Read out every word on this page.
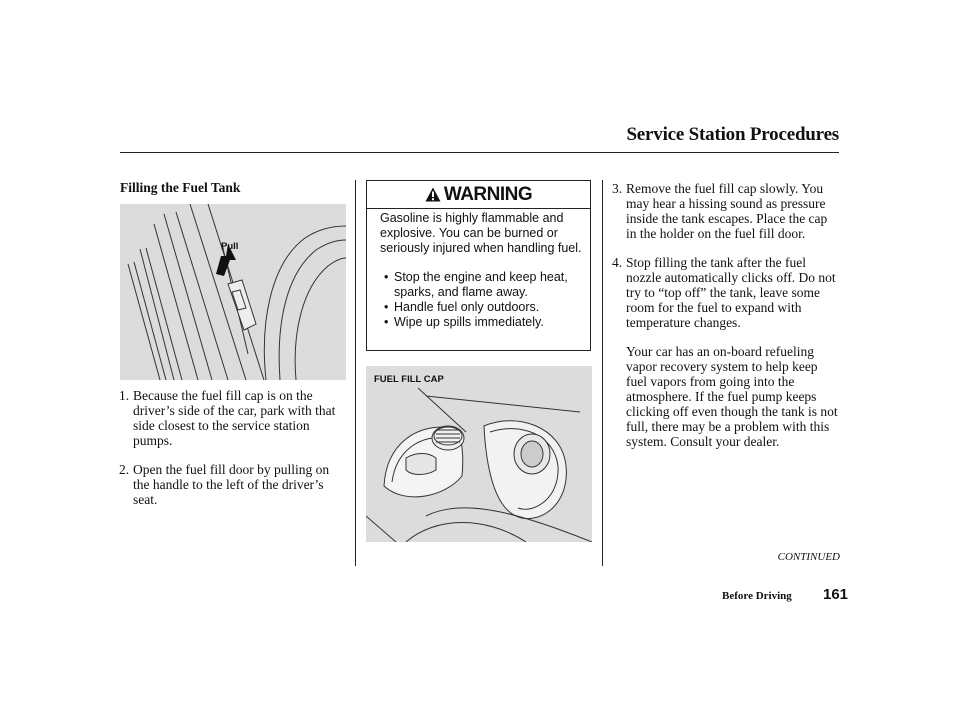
Service Station Procedures
Filling the Fuel Tank
Pull
1. Because the fuel fill cap is on the driver’s side of the car, park with that side closest to the service station pumps.
2. Open the fuel fill door by pulling on the handle to the left of the driver’s seat.
WARNING
Gasoline is highly flammable and explosive. You can be burned or seriously injured when handling fuel.
• Stop the engine and keep heat, sparks, and flame away.
• Handle fuel only outdoors.
• Wipe up spills immediately.
FUEL FILL CAP
3. Remove the fuel fill cap slowly. You may hear a hissing sound as pressure inside the tank escapes. Place the cap in the holder on the fuel fill door.
4. Stop filling the tank after the fuel nozzle automatically clicks off. Do not try to “top off” the tank, leave some room for the fuel to expand with temperature changes.
Your car has an on-board refueling vapor recovery system to help keep fuel vapors from going into the atmosphere. If the fuel pump keeps clicking off even though the tank is not full, there may be a problem with this system. Consult your dealer.
CONTINUED
Before Driving 161
